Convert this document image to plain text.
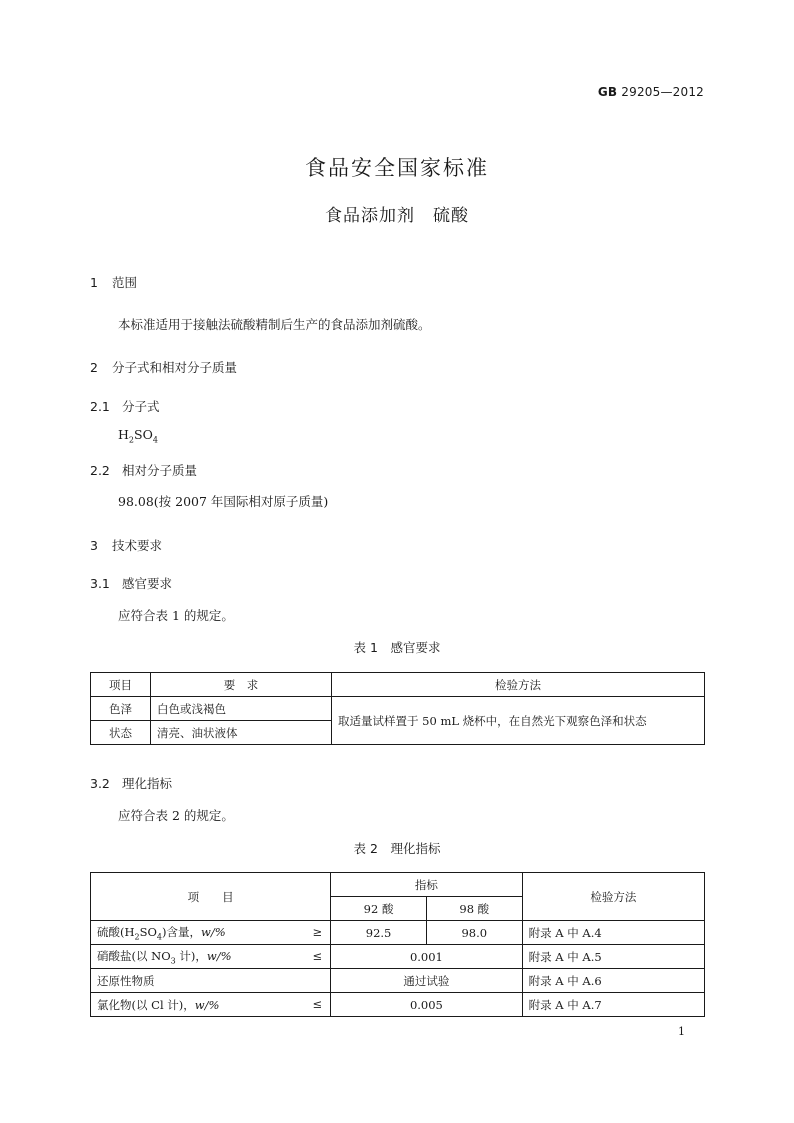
GB 29205—2012
食品安全国家标准
食品添加剂　硫酸
1 范围
本标准适用于接触法硫酸精制后生产的食品添加剂硫酸。
2 分子式和相对分子质量
2.1 分子式
$H_2SO_4$
2.2 相对分子质量
98.08(按 2007 年国际相对原子质量)
3 技术要求
3.1 感官要求
应符合表 1 的规定。
表 1　感官要求
项目	要　求	检验方法
色泽	白色或浅褐色	取适量试样置于 50 mL 烧杯中，在自然光下观察色泽和状态
状态	清亮、油状液体	
3.2 理化指标
应符合表 2 的规定。
表 2　理化指标
项　　目	指标		检验方法
	92 酸	98 酸	
硫酸$(H_2SO_4)$含量，w/% ≥	92.5	98.0	附录 A 中 A.4
硝酸盐(以 $NO_3$ 计)，w/% ≤	0.001		附录 A 中 A.5
还原性物质	通过试验		附录 A 中 A.6
氯化物(以 Cl 计)，w/% ≤	0.005		附录 A 中 A.7
1
